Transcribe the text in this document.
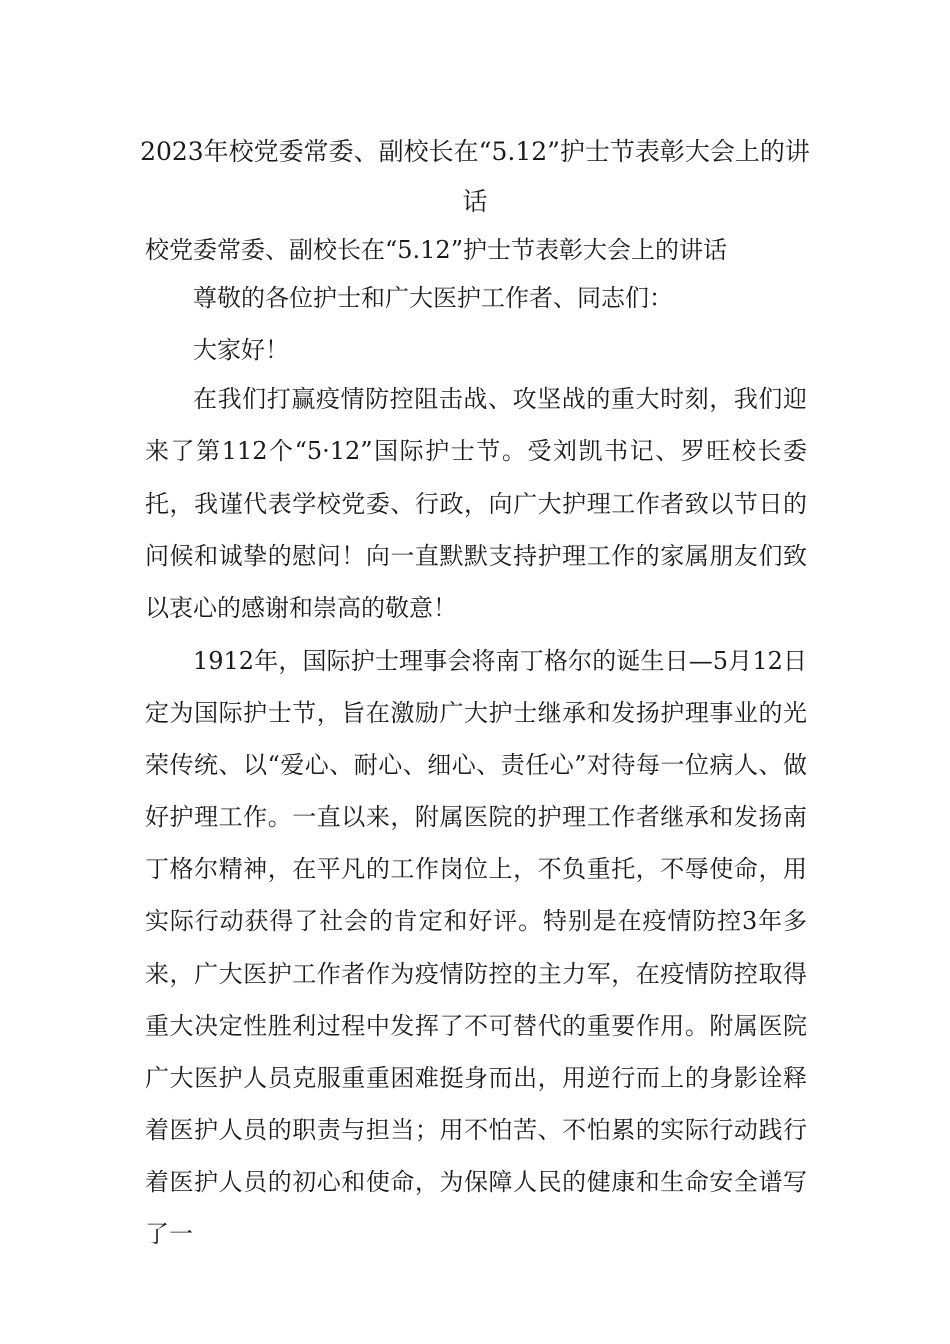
2023年校党委常委、副校长在“5.12”护士节表彰大会上的讲话

校党委常委、副校长在“5.12”护士节表彰大会上的讲话

尊敬的各位护士和广大医护工作者、同志们：

大家好！

在我们打赢疫情防控阻击战、攻坚战的重大时刻，我们迎来了第112个“5·12”国际护士节。受刘凯书记、罗旺校长委托，我谨代表学校党委、行政，向广大护理工作者致以节日的问候和诚挚的慰问！向一直默默支持护理工作的家属朋友们致以衷心的感谢和崇高的敬意！

1912年，国际护士理事会将南丁格尔的诞生日—5月12日定为国际护士节，旨在激励广大护士继承和发扬护理事业的光荣传统、以“爱心、耐心、细心、责任心”对待每一位病人、做好护理工作。一直以来，附属医院的护理工作者继承和发扬南丁格尔精神，在平凡的工作岗位上，不负重托，不辱使命，用实际行动获得了社会的肯定和好评。特别是在疫情防控3年多来，广大医护工作者作为疫情防控的主力军，在疫情防控取得重大决定性胜利过程中发挥了不可替代的重要作用。附属医院广大医护人员克服重重困难挺身而出，用逆行而上的身影诠释着医护人员的职责与担当；用不怕苦、不怕累的实际行动践行着医护人员的初心和使命，为保障人民的健康和生命安全谱写了一
